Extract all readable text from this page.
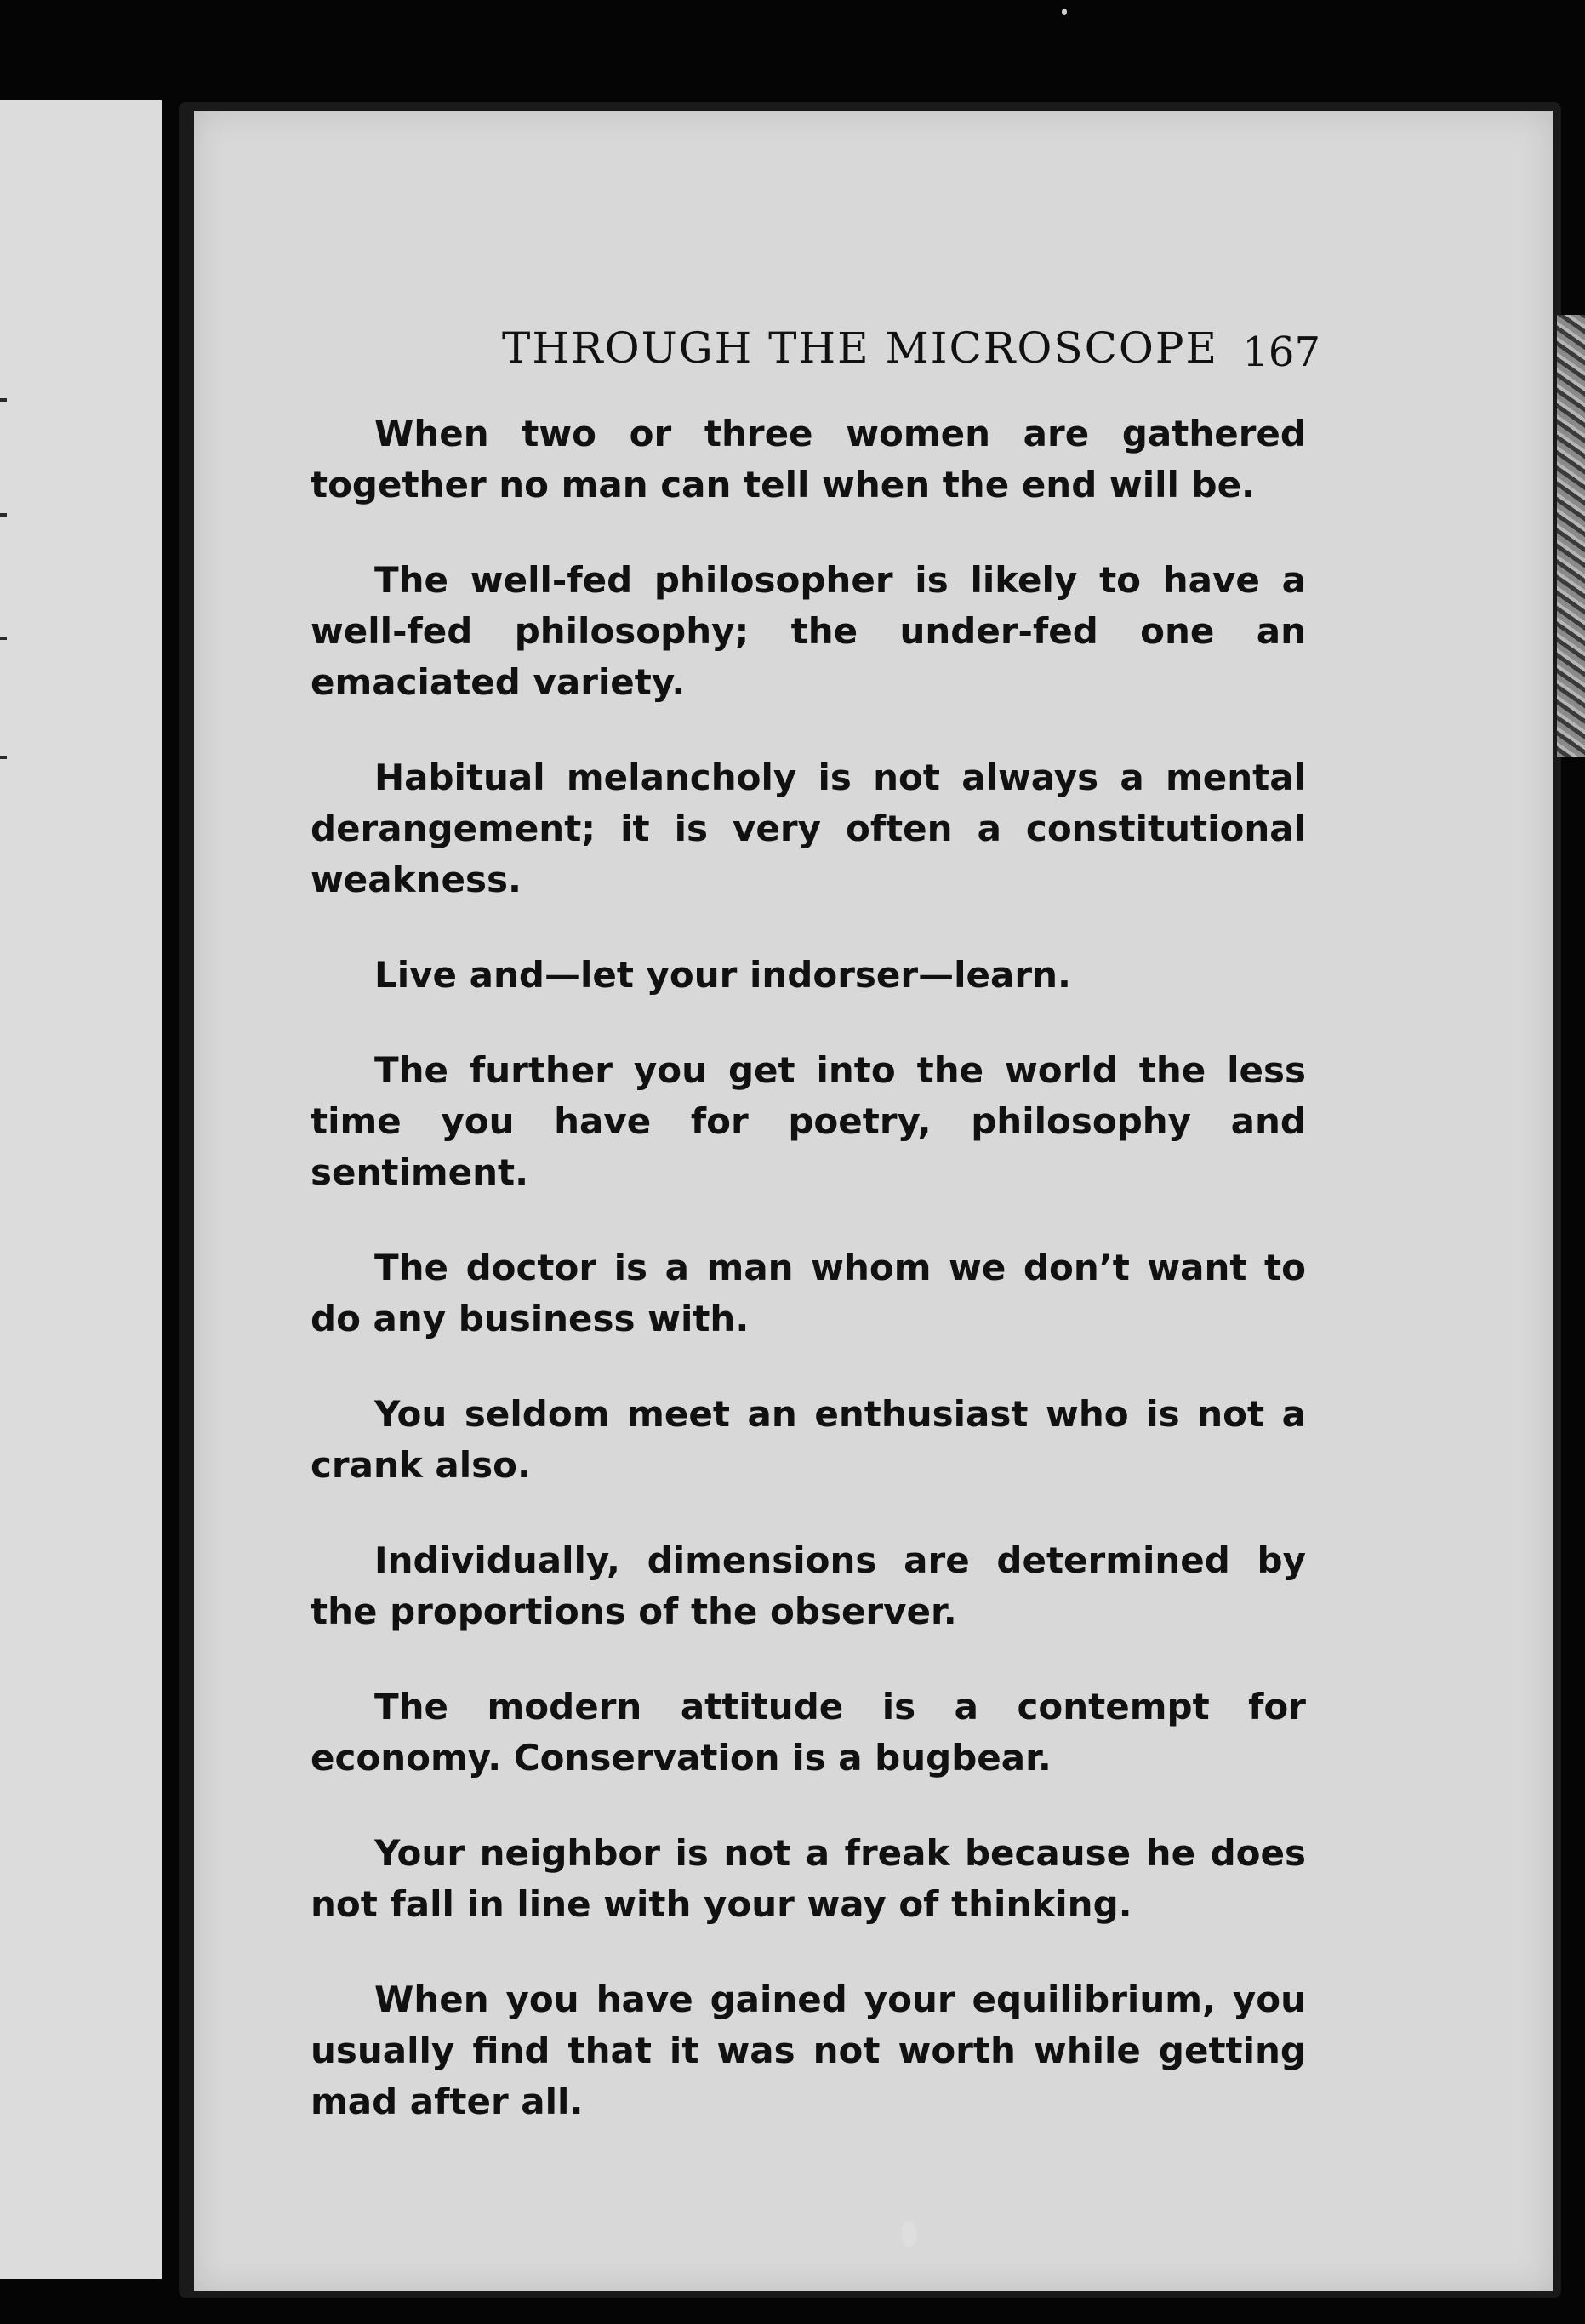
THROUGH THE MICROSCOPE 167

When two or three women are gathered together no man can tell when the end will be.

The well-fed philosopher is likely to have a well-fed philosophy; the under-fed one an emaciated variety.

Habitual melancholy is not always a mental derangement; it is very often a constitutional weakness.

Live and—let your indorser—learn.

The further you get into the world the less time you have for poetry, philosophy and sentiment.

The doctor is a man whom we don’t want to do any business with.

You seldom meet an enthusiast who is not a crank also.

Individually, dimensions are determined by the proportions of the observer.

The modern attitude is a contempt for economy. Conservation is a bugbear.

Your neighbor is not a freak because he does not fall in line with your way of thinking.

When you have gained your equilibrium, you usually find that it was not worth while getting mad after all.
